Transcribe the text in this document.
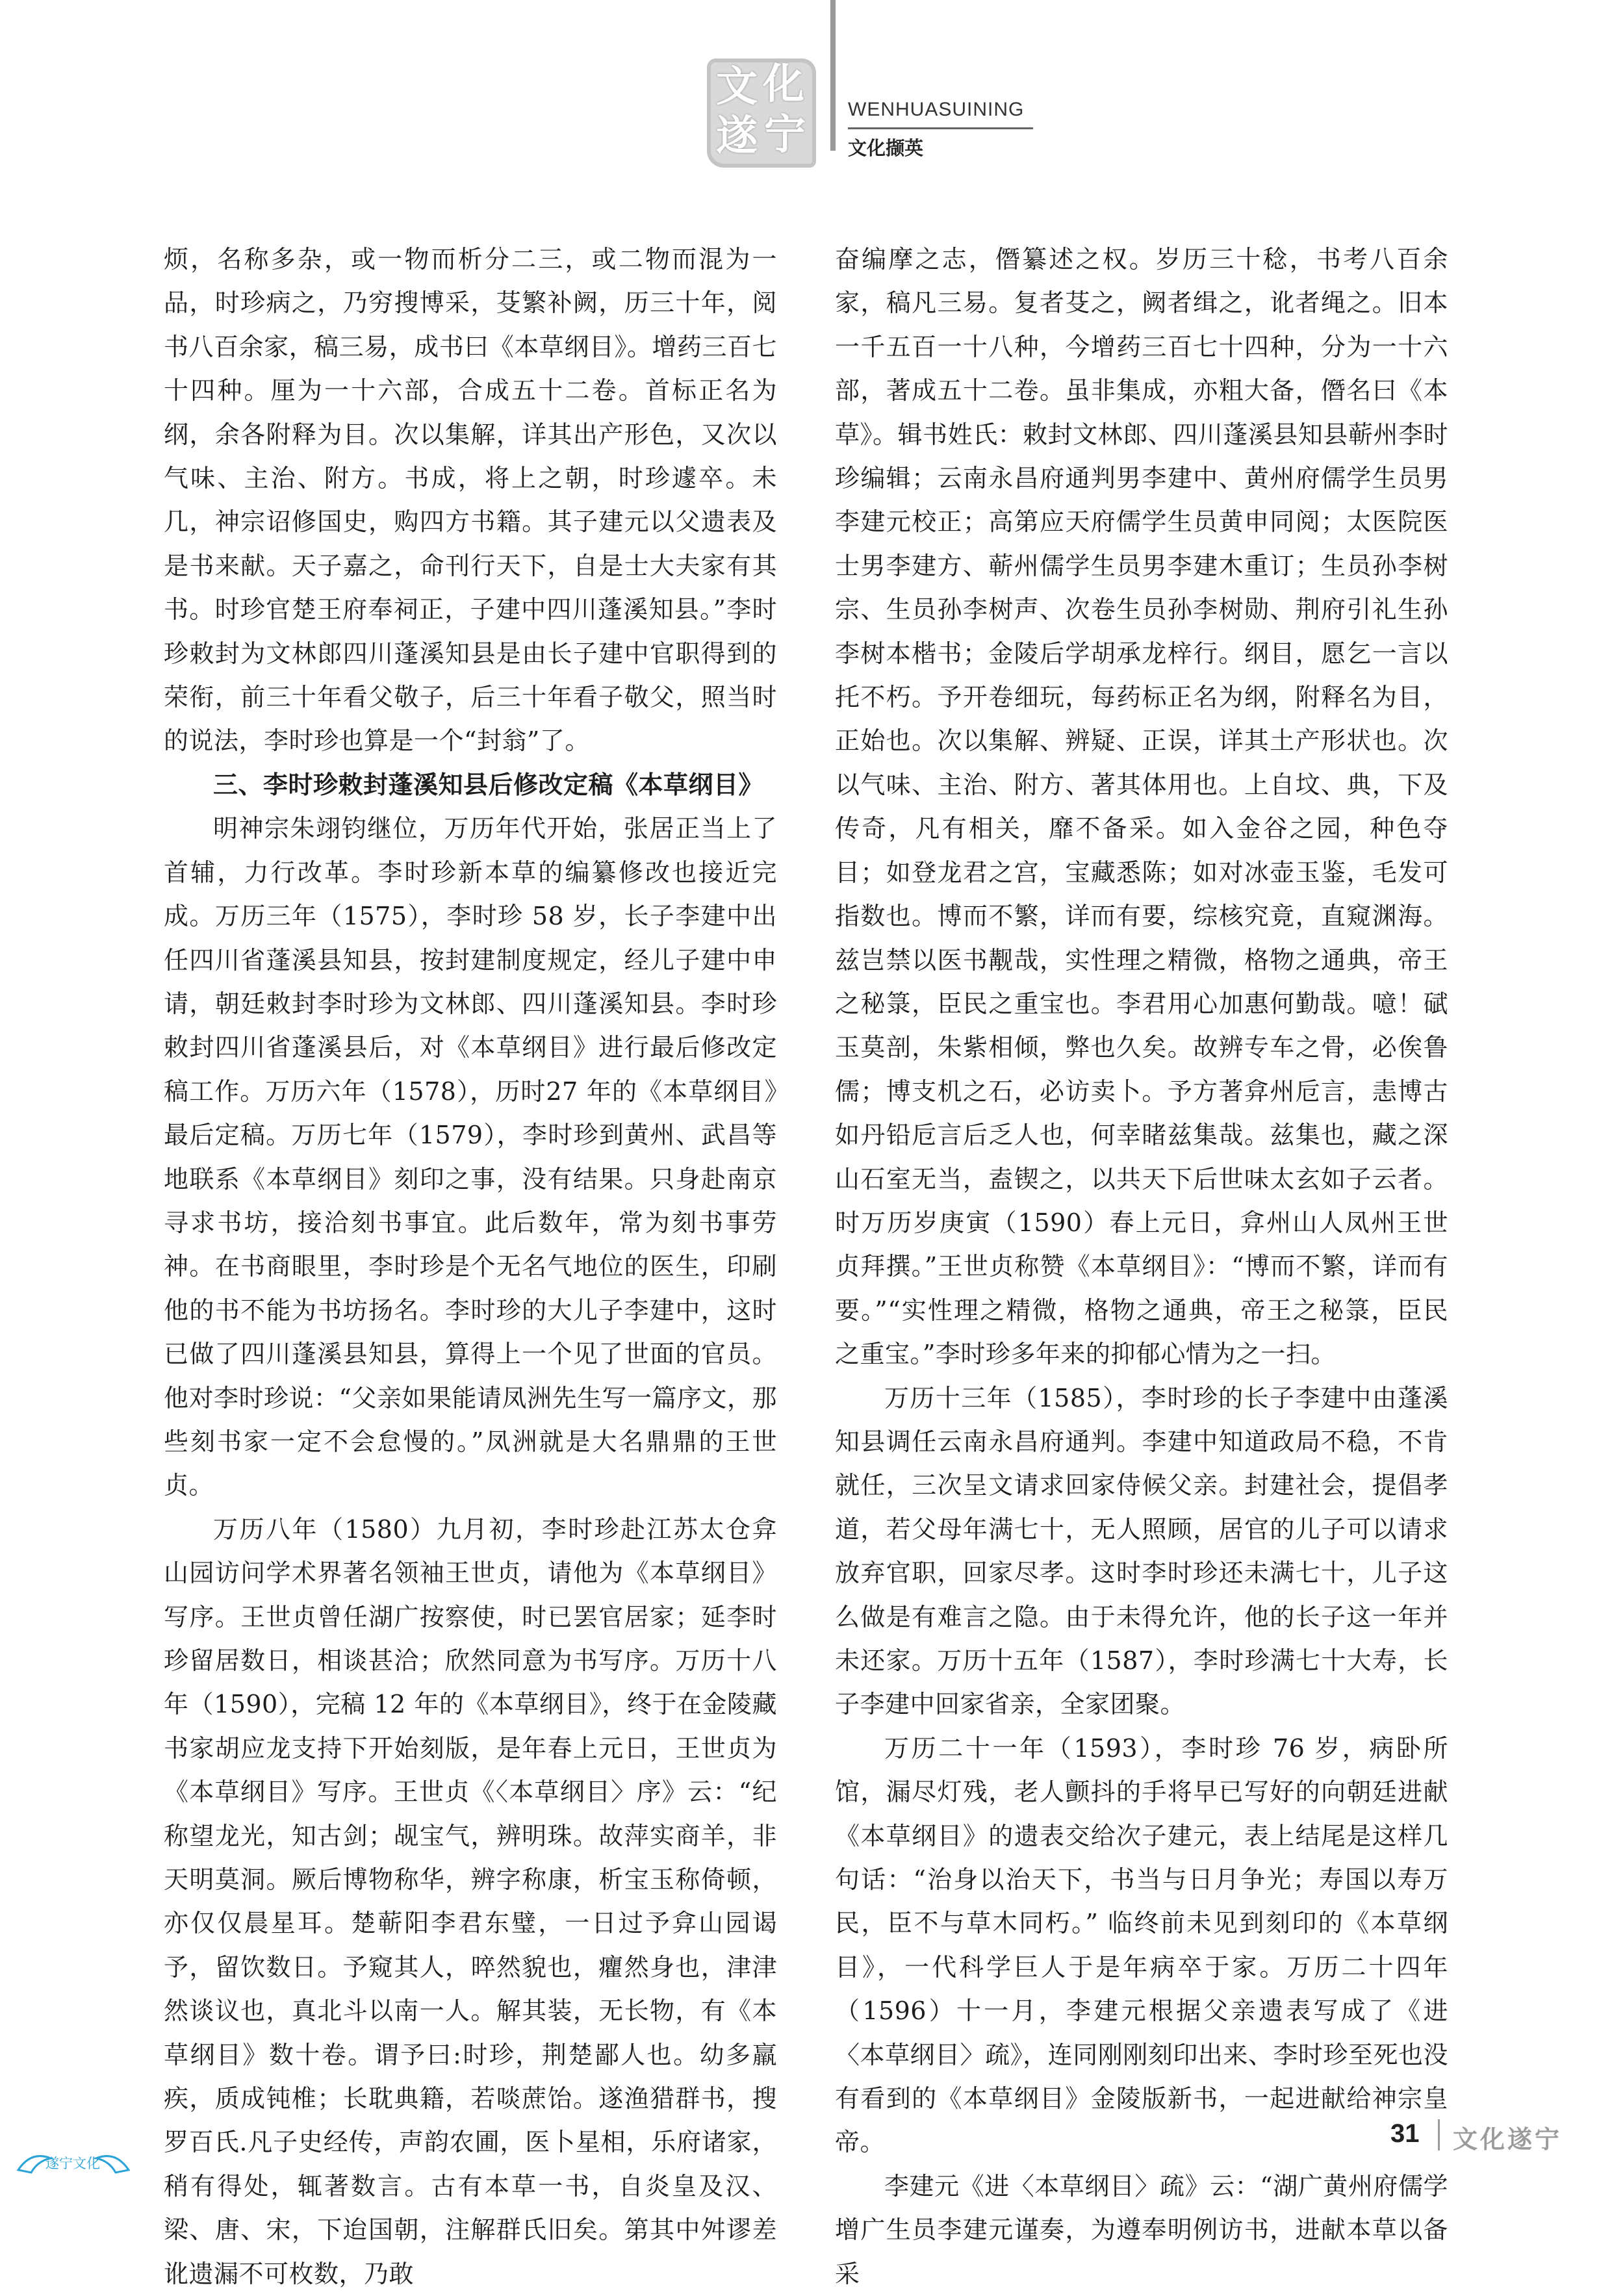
文 化
遂 宁
WENHUASUINING
文化撷英

烦，名称多杂，或一物而析分二三，或二物而混为一品，时珍病之，乃穷搜博采，芟繁补阙，历三十年，阅书八百余家，稿三易，成书曰《本草纲目》。增药三百七十四种。厘为一十六部，合成五十二卷。首标正名为纲，余各附释为目。次以集解，详其出产形色，又次以气味、主治、附方。书成，将上之朝，时珍遽卒。未几，神宗诏修国史，购四方书籍。其子建元以父遗表及是书来献。天子嘉之，命刊行天下，自是士大夫家有其书。时珍官楚王府奉祠正，子建中四川蓬溪知县。”李时珍敕封为文林郎四川蓬溪知县是由长子建中官职得到的荣衔，前三十年看父敬子，后三十年看子敬父，照当时的说法，李时珍也算是一个“封翁”了。

三、李时珍敕封蓬溪知县后修改定稿《本草纲目》

明神宗朱翊钧继位，万历年代开始，张居正当上了首辅，力行改革。李时珍新本草的编纂修改也接近完成。万历三年（1575），李时珍 58 岁，长子李建中出任四川省蓬溪县知县，按封建制度规定，经儿子建中申请，朝廷敕封李时珍为文林郎、四川蓬溪知县。李时珍敕封四川省蓬溪县后，对《本草纲目》进行最后修改定稿工作。万历六年（1578），历时27 年的《本草纲目》最后定稿。万历七年（1579），李时珍到黄州、武昌等地联系《本草纲目》刻印之事，没有结果。只身赴南京寻求书坊，接洽刻书事宜。此后数年，常为刻书事劳神。在书商眼里，李时珍是个无名气地位的医生，印刷他的书不能为书坊扬名。李时珍的大儿子李建中，这时已做了四川蓬溪县知县，算得上一个见了世面的官员。他对李时珍说：“父亲如果能请凤洲先生写一篇序文，那些刻书家一定不会怠慢的。”凤洲就是大名鼎鼎的王世贞。

万历八年（1580）九月初，李时珍赴江苏太仓弇山园访问学术界著名领袖王世贞，请他为《本草纲目》写序。王世贞曾任湖广按察使，时已罢官居家；延李时珍留居数日，相谈甚洽；欣然同意为书写序。万历十八年（1590），完稿 12 年的《本草纲目》，终于在金陵藏书家胡应龙支持下开始刻版，是年春上元日，王世贞为《本草纲目》写序。王世贞《〈本草纲目〉序》云：“纪称望龙光，知古剑；觇宝气，辨明珠。故萍实商羊，非天明莫洞。厥后博物称华，辨字称康，析宝玉称倚顿，亦仅仅晨星耳。楚蕲阳李君东璧，一日过予弇山园谒予，留饮数日。予窥其人，晬然貌也，癯然身也，津津然谈议也，真北斗以南一人。解其装，无长物，有《本草纲目》数十卷。谓予曰:时珍，荆楚鄙人也。幼多羸疾，质成钝椎；长耽典籍，若啖蔗饴。遂渔猎群书，搜罗百氏.凡子史经传，声韵农圃，医卜星相，乐府诸家，稍有得处，辄著数言。古有本草一书，自炎皇及汉、梁、唐、宋，下迨国朝，注解群氏旧矣。第其中舛谬差讹遗漏不可枚数，乃敢

奋编摩之志，僭纂述之权。岁历三十稔，书考八百余家，稿凡三易。复者芟之，阙者缉之，讹者绳之。旧本一千五百一十八种，今增药三百七十四种，分为一十六部，著成五十二卷。虽非集成，亦粗大备，僭名曰《本草》。辑书姓氏：敕封文林郎、四川蓬溪县知县蕲州李时珍编辑；云南永昌府通判男李建中、黄州府儒学生员男李建元校正；高第应天府儒学生员黄申同阅；太医院医士男李建方、蕲州儒学生员男李建木重订；生员孙李树宗、生员孙李树声、次卷生员孙李树勋、荆府引礼生孙李树本楷书；金陵后学胡承龙梓行。纲目，愿乞一言以托不朽。予开卷细玩，每药标正名为纲，附释名为目，正始也。次以集解、辨疑、正误，详其土产形状也。次以气味、主治、附方、著其体用也。上自坟、典，下及传奇，凡有相关，靡不备采。如入金谷之园，种色夺目；如登龙君之宫，宝藏悉陈；如对冰壶玉鉴，毛发可指数也。博而不繁，详而有要，综核究竟，直窥渊海。兹岂禁以医书觏哉，实性理之精微，格物之通典，帝王之秘箓，臣民之重宝也。李君用心加惠何勤哉。噫！碔玉莫剖，朱紫相倾，弊也久矣。故辨专车之骨，必俟鲁儒；博支机之石，必访卖卜。予方著弇州卮言，恚博古如丹铅卮言后乏人也，何幸睹兹集哉。兹集也，藏之深山石室无当，盍锲之，以共天下后世味太玄如子云者。时万历岁庚寅（1590）春上元日，弇州山人凤州王世贞拜撰。”王世贞称赞《本草纲目》：“博而不繁，详而有要。”“实性理之精微，格物之通典，帝王之秘箓，臣民之重宝。”李时珍多年来的抑郁心情为之一扫。

万历十三年（1585），李时珍的长子李建中由蓬溪知县调任云南永昌府通判。李建中知道政局不稳，不肯就任，三次呈文请求回家侍候父亲。封建社会，提倡孝道，若父母年满七十，无人照顾，居官的儿子可以请求放弃官职，回家尽孝。这时李时珍还未满七十，儿子这么做是有难言之隐。由于未得允许，他的长子这一年并未还家。万历十五年（1587），李时珍满七十大寿，长子李建中回家省亲，全家团聚。

万历二十一年（1593），李时珍 76 岁，病卧所馆，漏尽灯残，老人颤抖的手将早已写好的向朝廷进献《本草纲目》的遗表交给次子建元，表上结尾是这样几句话：“治身以治天下，书当与日月争光；寿国以寿万民，臣不与草木同朽。” 临终前未见到刻印的《本草纲目》，一代科学巨人于是年病卒于家。万历二十四年（1596）十一月，李建元根据父亲遗表写成了《进〈本草纲目〉疏》，连同刚刚刻印出来、李时珍至死也没有看到的《本草纲目》金陵版新书，一起进献给神宗皇帝。

李建元《进〈本草纲目〉疏》云：“湖广黄州府儒学增广生员李建元谨奏，为遵奉明例访书，进献本草以备采

31 文化遂宁
遂宁文化
